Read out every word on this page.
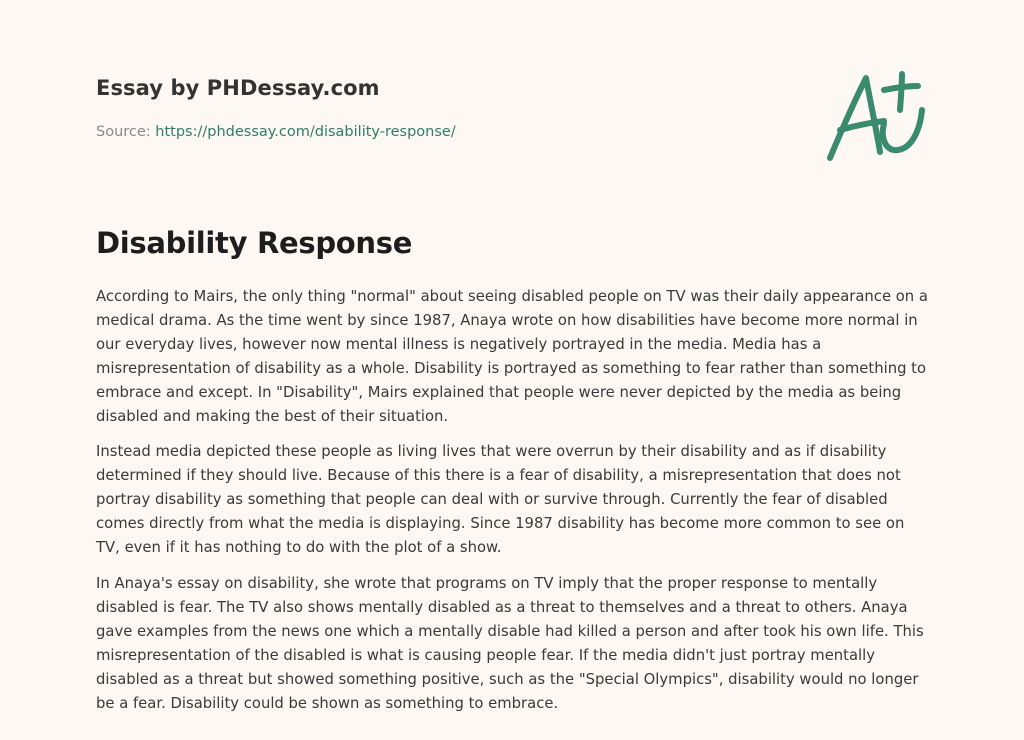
Essay by PHDessay.com
Source: https://phdessay.com/disability-response/
Disability Response

According to Mairs, the only thing "normal" about seeing disabled people on TV was their daily appearance on a medical drama. As the time went by since 1987, Anaya wrote on how disabilities have become more normal in our everyday lives, however now mental illness is negatively portrayed in the media. Media has a misrepresentation of disability as a whole. Disability is portrayed as something to fear rather than something to embrace and except. In "Disability", Mairs explained that people were never depicted by the media as being disabled and making the best of their situation.

Instead media depicted these people as living lives that were overrun by their disability and as if disability determined if they should live. Because of this there is a fear of disability, a misrepresentation that does not portray disability as something that people can deal with or survive through. Currently the fear of disabled comes directly from what the media is displaying. Since 1987 disability has become more common to see on TV, even if it has nothing to do with the plot of a show.

In Anaya's essay on disability, she wrote that programs on TV imply that the proper response to mentally disabled is fear. The TV also shows mentally disabled as a threat to themselves and a threat to others. Anaya gave examples from the news one which a mentally disable had killed a person and after took his own life. This misrepresentation of the disabled is what is causing people fear. If the media didn't just portray mentally disabled as a threat but showed something positive, such as the "Special Olympics", disability would no longer be a fear. Disability could be shown as something to embrace.
